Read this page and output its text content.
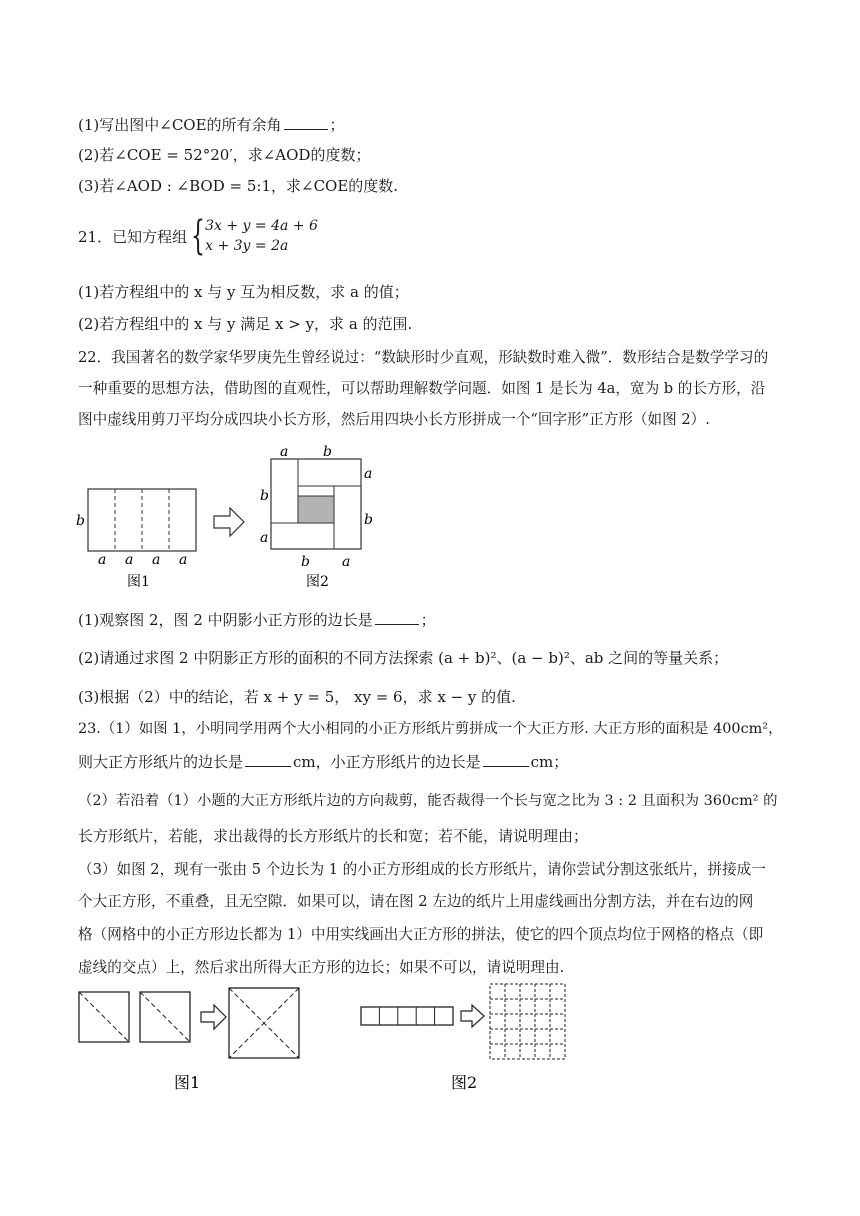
(1)写出图中∠COE的所有余角	；
(2)若∠COE = 52°20′，求∠AOD的度数；
(3)若∠AOD : ∠BOD = 5:1，求∠COE的度数.
21．已知方程组 { 3x + y = 4a + 6
x + 3y = 2a
(1)若方程组中的 x 与 y 互为相反数，求 a 的值；
(2)若方程组中的 x 与 y 满足 x > y，求 a 的范围.
22．我国著名的数学家华罗庚先生曾经说过：“数缺形时少直观，形缺数时难入微”．数形结合是数学学习的
一种重要的思想方法，借助图的直观性，可以帮助理解数学问题．如图 1 是长为 4a，宽为 b 的长方形，沿
图中虚线用剪刀平均分成四块小长方形，然后用四块小长方形拼成一个“回字形”正方形（如图 2）.
b
a a a a
图1
a b
a
b
b
a
b a
图2
(1)观察图 2，图 2 中阴影小正方形的边长是	；
(2)请通过求图 2 中阴影正方形的面积的不同方法探索 (a + b)²、(a − b)²、ab 之间的等量关系；
(3)根据（2）中的结论，若 x + y = 5， xy = 6，求 x − y 的值.
23.（1）如图 1，小明同学用两个大小相同的小正方形纸片剪拼成一个大正方形. 大正方形的面积是 400cm²，
则大正方形纸片的边长是	cm，小正方形纸片的边长是	cm；
（2）若沿着（1）小题的大正方形纸片边的方向裁剪，能否裁得一个长与宽之比为 3 : 2 且面积为 360cm² 的
长方形纸片，若能，求出裁得的长方形纸片的长和宽；若不能，请说明理由；
（3）如图 2，现有一张由 5 个边长为 1 的小正方形组成的长方形纸片，请你尝试分割这张纸片，拼接成一
个大正方形，不重叠，且无空隙．如果可以，请在图 2 左边的纸片上用虚线画出分割方法，并在右边的网
格（网格中的小正方形边长都为 1）中用实线画出大正方形的拼法，使它的四个顶点均位于网格的格点（即
虚线的交点）上，然后求出所得大正方形的边长；如果不可以，请说明理由.
图1	图2
